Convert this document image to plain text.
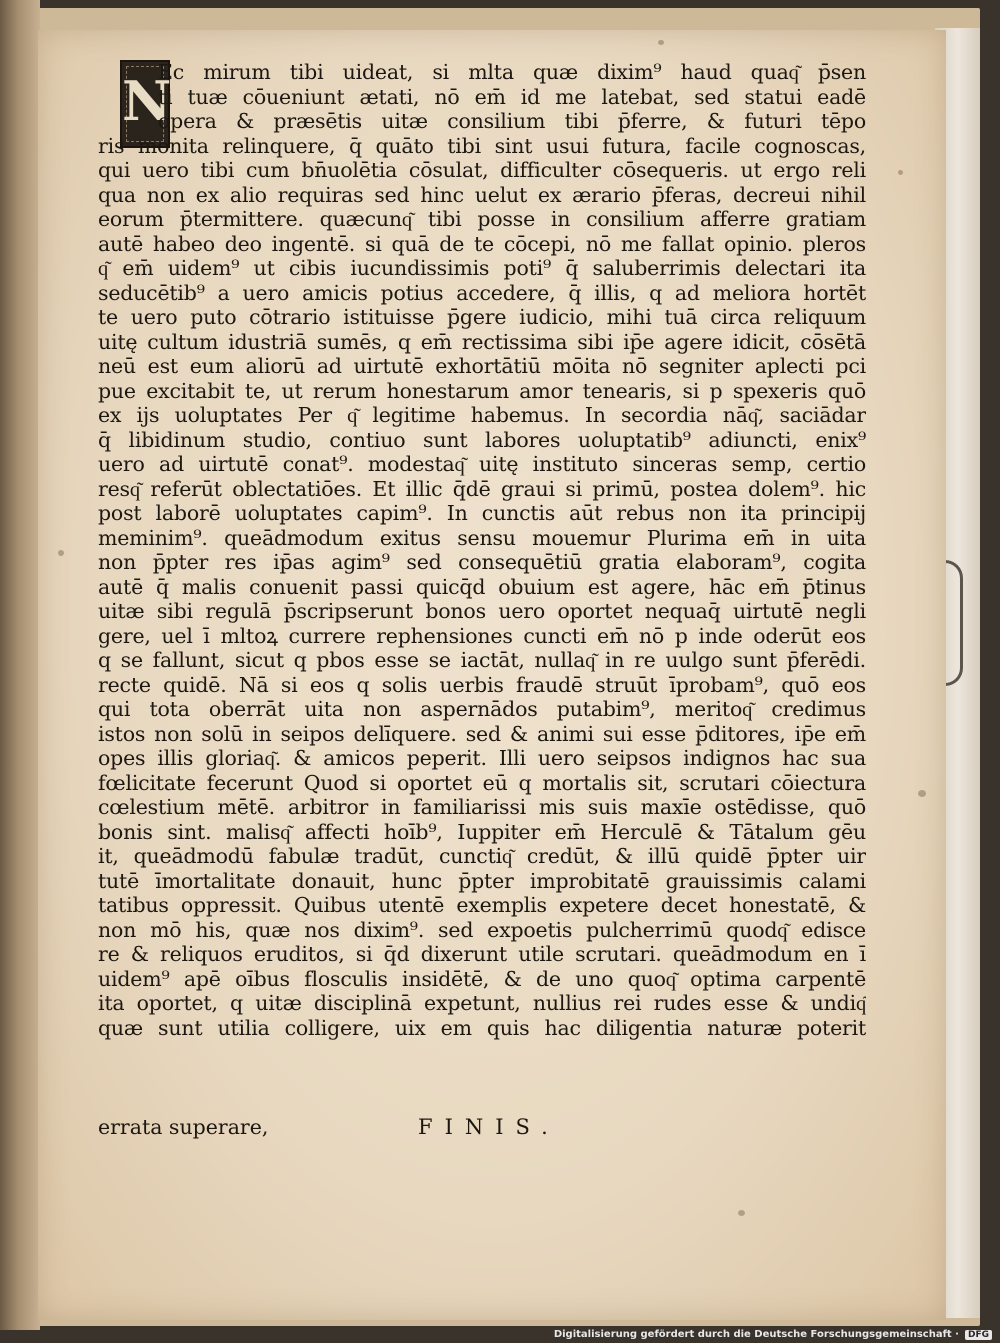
N
Ec mirum tibi uideat, si mlta quæ dixim⁹ haud quaq͂ p̄sen
ti tuæ cōueniunt ætati, nō em̄ id me latebat, sed statui eadē
opera & præsētis uitæ consilium tibi p̄ferre, & futuri tēpo
ris monita relinquere, q̄ quāto tibi sint usui futura, facile cognoscas,
qui uero tibi cum bn̄uolētia cōsulat, difficulter cōsequeris. ut ergo reli
qua non ex alio requiras sed hinc uelut ex ærario p̄feras, decreui nihil
eorum p̄termittere. quæcunq͂ tibi posse in consilium afferre gratiam
autē habeo deo ingentē. si quā de te cōcepi, nō me fallat opinio. pleros
q͂ em̄ uidem⁹ ut cibis iucundissimis poti⁹ q̄ saluberrimis delectari ita
seducētib⁹ a uero amicis potius accedere, q̄ illis, q ad meliora hortēt
te uero puto cōtrario istituisse p̄gere iudicio, mihi tuā circa reliquum
uitę cultum idustriā sumēs, q em̄ rectissima sibi ip̄e agere idicit, cōsētā
neū est eum aliorū ad uirtutē exhortātiū mōita nō segniter aplecti pci
pue excitabit te, ut rerum honestarum amor tenearis, si p spexeris quō
ex ijs uoluptates Per q͂ legitime habemus. In secordia nāq͂, saciādar
q̄ libidinum studio, contiuo sunt labores uoluptatib⁹ adiuncti, enix⁹
uero ad uirtutē conat⁹. modestaq͂ uitę instituto sinceras semp, certio
resq͂ referūt oblectatiōes. Et illic q̄dē graui si primū, postea dolem⁹. hic
post laborē uoluptates capim⁹. In cunctis aūt rebus non ita principij
meminim⁹. queādmodum exitus sensu mouemur Plurima em̄ in uita
non p̄pter res ip̄as agim⁹ sed consequētiū gratia elaboram⁹, cogita
autē q̄ malis conuenit passi quicq̄d obuium est agere, hāc em̄ p̄tinus
uitæ sibi regulā p̄scripserunt bonos uero oportet nequaq̄ uirtutē negli
gere, uel ī mltoꝝ currere rephensiones cuncti em̄ nō p inde oderūt eos
q se fallunt, sicut q pbos esse se iactāt, nullaq͂ in re uulgo sunt p̄ferēdi.
recte quidē. Nā si eos q solis uerbis fraudē struūt īprobam⁹, quō eos
qui tota oberrāt uita non aspernādos putabim⁹, meritoq͂ credimus
istos non solū in seipos delīquere. sed & animi sui esse p̄ditores, ip̄e em̄
opes illis gloriaq͂. & amicos peperit. Illi uero seipsos indignos hac sua
fœlicitate fecerunt Quod si oportet eū q mortalis sit, scrutari cōiectura
cœlestium mētē. arbitror in familiarissi mis suis maxīe ostēdisse, quō
bonis sint. malisq͂ affecti hoīb⁹, Iuppiter em̄ Herculē & Tātalum gēu
it, queādmodū fabulæ tradūt, cunctiq͂ credūt, & illū quidē p̄pter uir
tutē īmortalitate donauit, hunc p̄pter improbitatē grauissimis calami
tatibus oppressit. Quibus utentē exemplis expetere decet honestatē, &
non mō his, quæ nos dixim⁹. sed expoetis pulcherrimū quodq͂ edisce
re & reliquos eruditos, si q̄d dixerunt utile scrutari. queādmodum en ī
uidem⁹ apē oībus flosculis insidētē, & de uno quoq͂ optima carpentē
ita oportet, q uitæ disciplinā expetunt, nullius rei rudes esse & undiq͂
quæ sunt utilia colligere, uix em quis hac diligentia naturæ poterit
errata superare,	FINIS.
Digitalisierung gefördert durch die Deutsche Forschungsgemeinschaft ·	DFG
